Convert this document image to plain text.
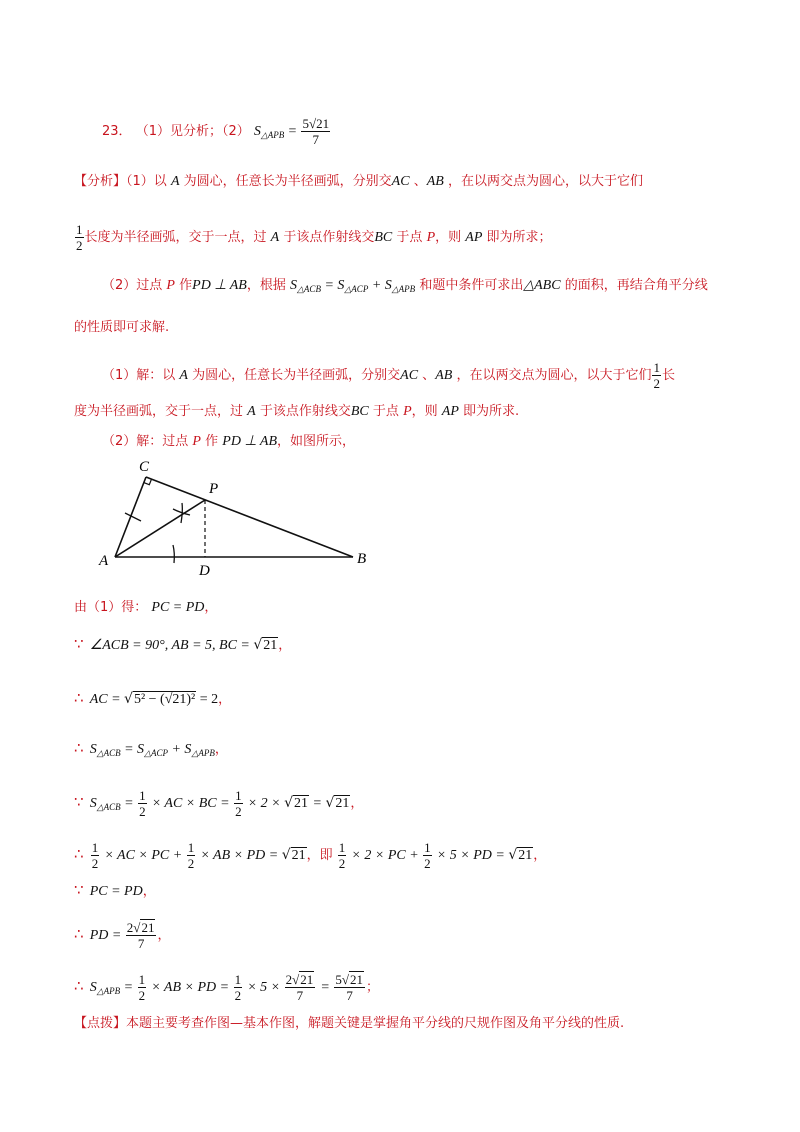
23． （1）见分析；（2） $S_{\triangle APB} = \frac{5√21}{7}$
【分析】（1）以 A 为圆心，任意长为半径画弧，分别交AC 、AB ，在以两交点为圆心，以大于它们
$\frac{1}{2}$ 长度为半径画弧，交于一点，过 A 于该点作射线交BC 于点 P，则 AP 即为所求；
（2）过点 P 作PD ⊥ AB，根据 $S_{\triangle ACB} = S_{\triangle ACP} + S_{\triangle APB}$ 和题中条件可求出△ABC 的面积，再结合角平分线
的性质即可求解.
（1）解：以 A 为圆心，任意长为半径画弧，分别交AC 、AB ，在以两交点为圆心，以大于它们 $\frac{1}{2}$ 长
度为半径画弧，交于一点，过 A 于该点作射线交BC 于点 P，则 AP 即为所求.
（2）解：过点 P 作 PD ⊥ AB，如图所示，
C
P
A
D
B
由（1）得： PC = PD，
∵ ∠ACB = 90°, AB = 5, BC = √21，
∴ AC = √5² − (√21)² = 2，
∴ $S_{\triangle ACB} = S_{\triangle ACP} + S_{\triangle APB}$，
∵ $S_{\triangle ACB} = \frac{1}{2}$ × AC × BC = $\frac{1}{2} \times 2 \times √21 = √21$，
∴ $\frac{1}{2}$ × AC × PC + $\frac{1}{2}$ × AB × PD = √21，即 $\frac{1}{2} \times 2$ × PC + $\frac{1}{2} \times 5$ × PD = √21，
∵ PC = PD，
∴ PD = $\frac{2√21}{7}$ ，
∴ $S_{\triangle APB} = \frac{1}{2}$ × AB × PD = $\frac{1}{2} \times 5 \times \frac{2√21}{7} = \frac{5√21}{7}$ ；
【点拨】本题主要考查作图—基本作图，解题关键是掌握角平分线的尺规作图及角平分线的性质.
